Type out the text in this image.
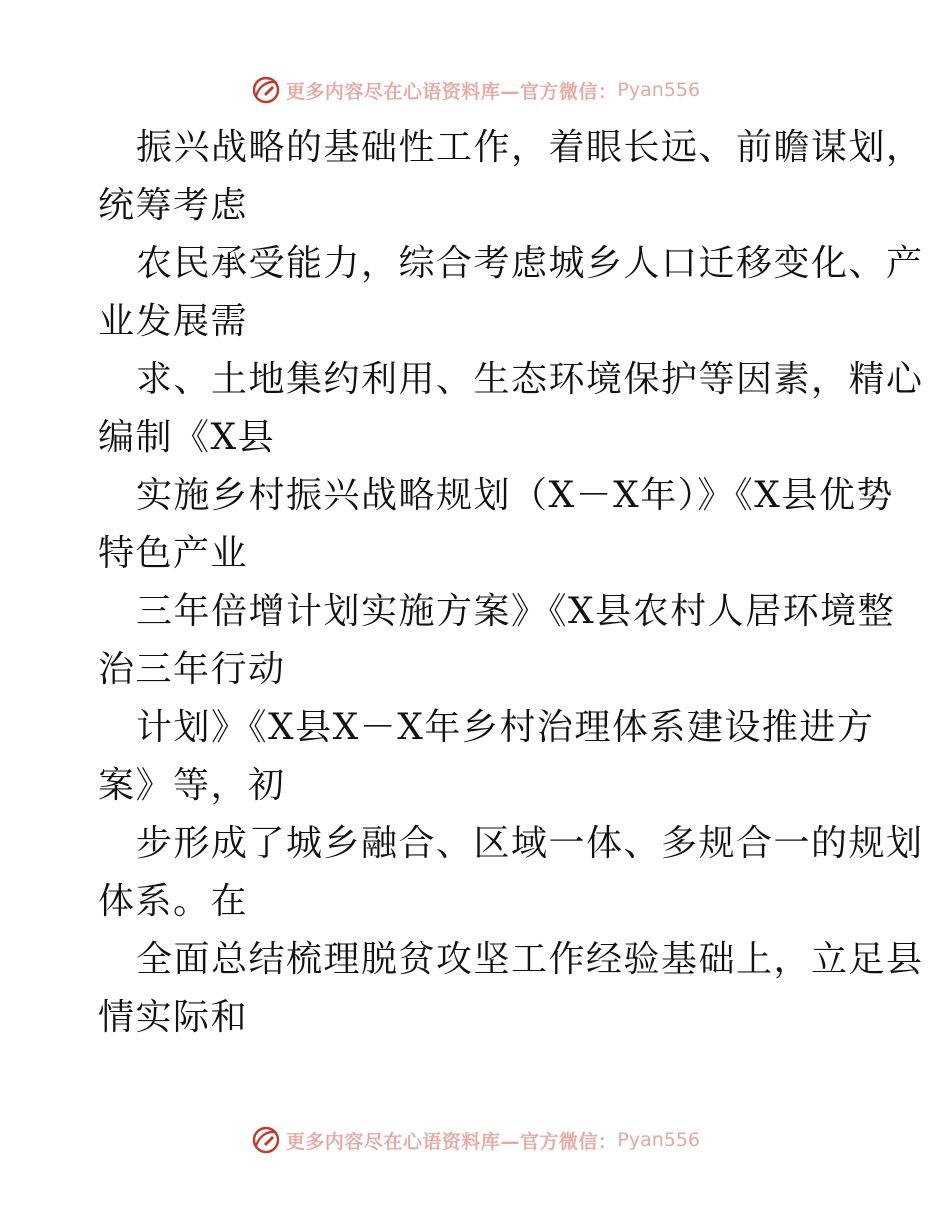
更多内容尽在心语资料库—官方微信： Pyan556
振兴战略的基础性工作，着眼长远、前瞻谋划，
统筹考虑
农民承受能力，综合考虑城乡人口迁移变化、产
业发展需
求、土地集约利用、生态环境保护等因素，精心
编制《X县
实施乡村振兴战略规划（X－X年）》《X县优势
特色产业
三年倍增计划实施方案》《X县农村人居环境整
治三年行动
计划》《X县X－X年乡村治理体系建设推进方
案》等，初
步形成了城乡融合、区域一体、多规合一的规划
体系。在
全面总结梳理脱贫攻坚工作经验基础上，立足县
情实际和
更多内容尽在心语资料库—官方微信： Pyan556
